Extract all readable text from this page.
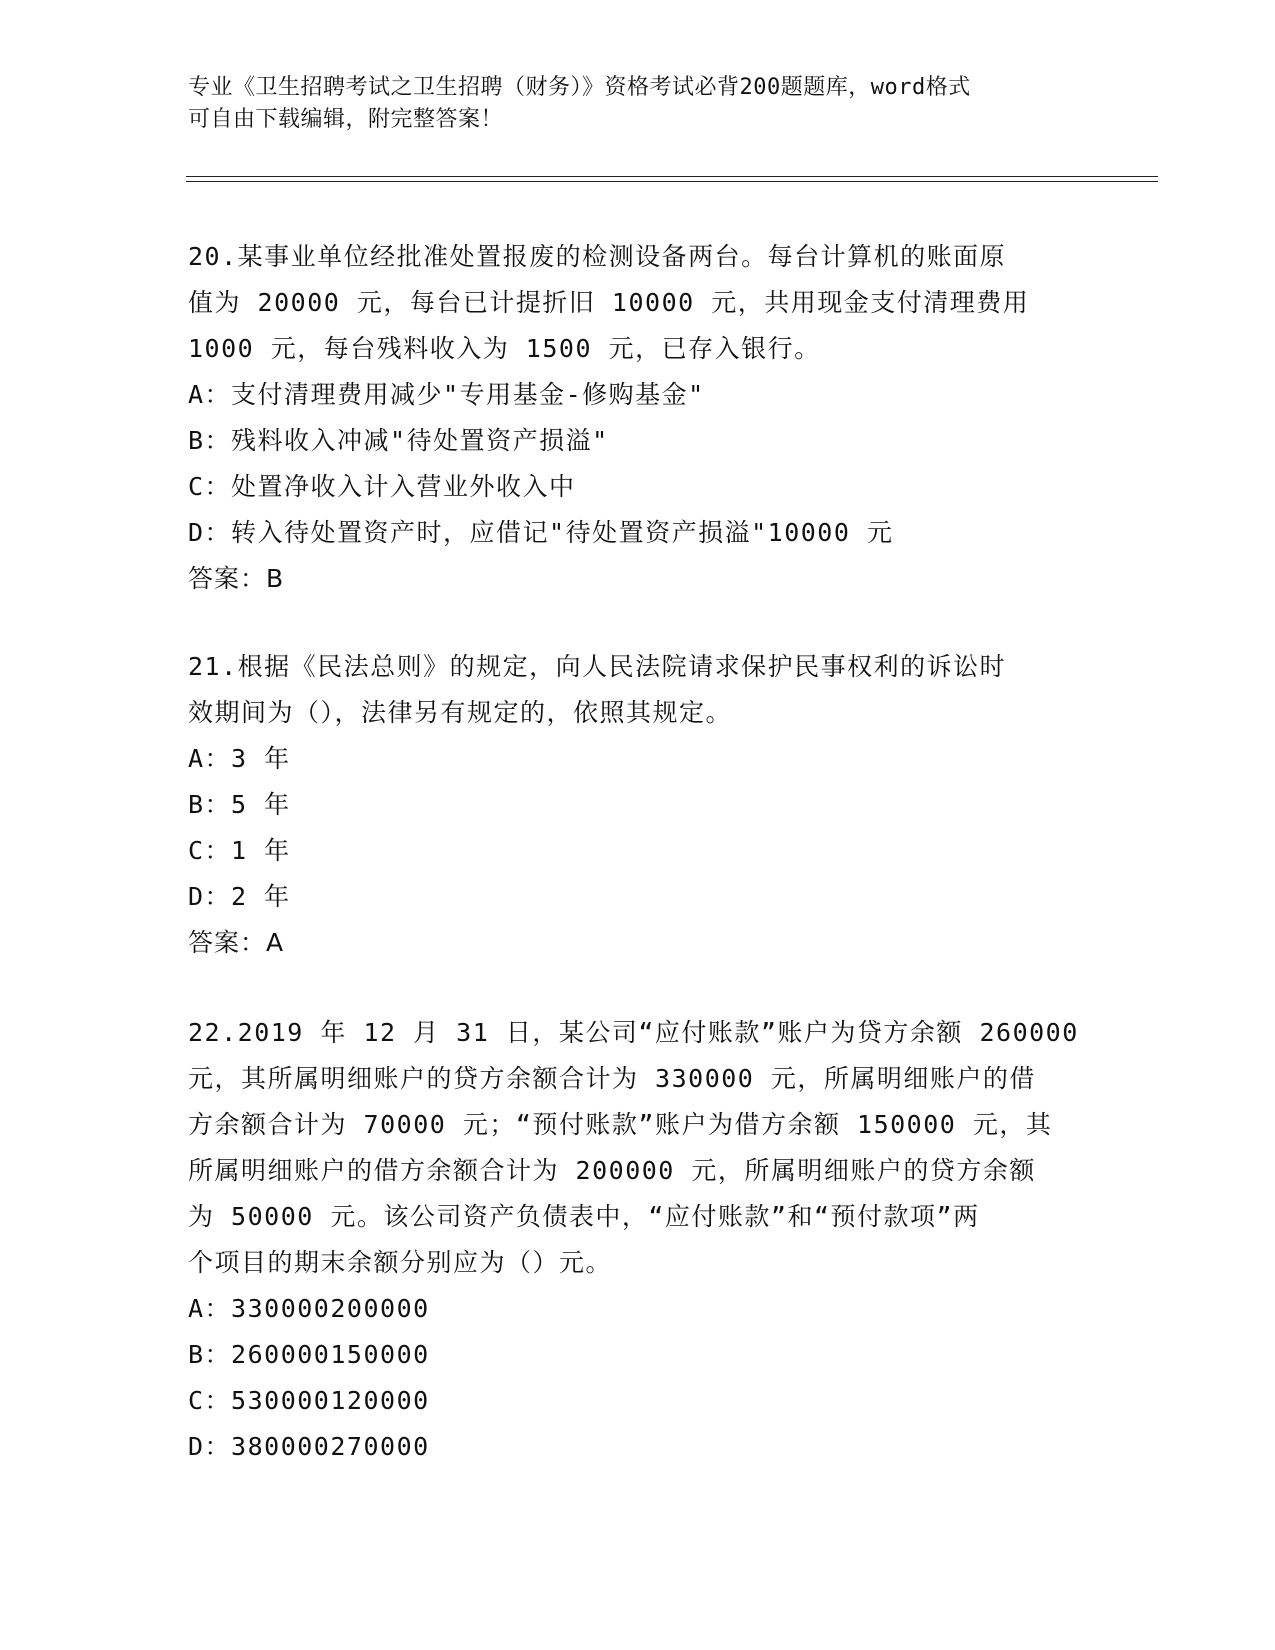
专业《卫生招聘考试之卫生招聘（财务）》资格考试必背200题题库，word格式
可自由下载编辑，附完整答案！
20.某事业单位经批准处置报废的检测设备两台。每台计算机的账面原
值为 20000 元，每台已计提折旧 10000 元，共用现金支付清理费用
1000 元，每台残料收入为 1500 元，已存入银行。
A：支付清理费用减少"专用基金-修购基金"
B：残料收入冲减"待处置资产损溢"
C：处置净收入计入营业外收入中
D：转入待处置资产时，应借记"待处置资产损溢"10000 元
答案：B
21.根据《民法总则》的规定，向人民法院请求保护民事权利的诉讼时
效期间为（），法律另有规定的，依照其规定。
A：3 年
B：5 年
C：1 年
D：2 年
答案：A
22.2019 年 12 月 31 日，某公司“应付账款”账户为贷方余额 260000
元，其所属明细账户的贷方余额合计为 330000 元，所属明细账户的借
方余额合计为 70000 元；“预付账款”账户为借方余额 150000 元，其
所属明细账户的借方余额合计为 200000 元，所属明细账户的贷方余额
为 50000 元。该公司资产负债表中，“应付账款”和“预付款项”两
个项目的期末余额分别应为（）元。
A：330000200000
B：260000150000
C：530000120000
D：380000270000
